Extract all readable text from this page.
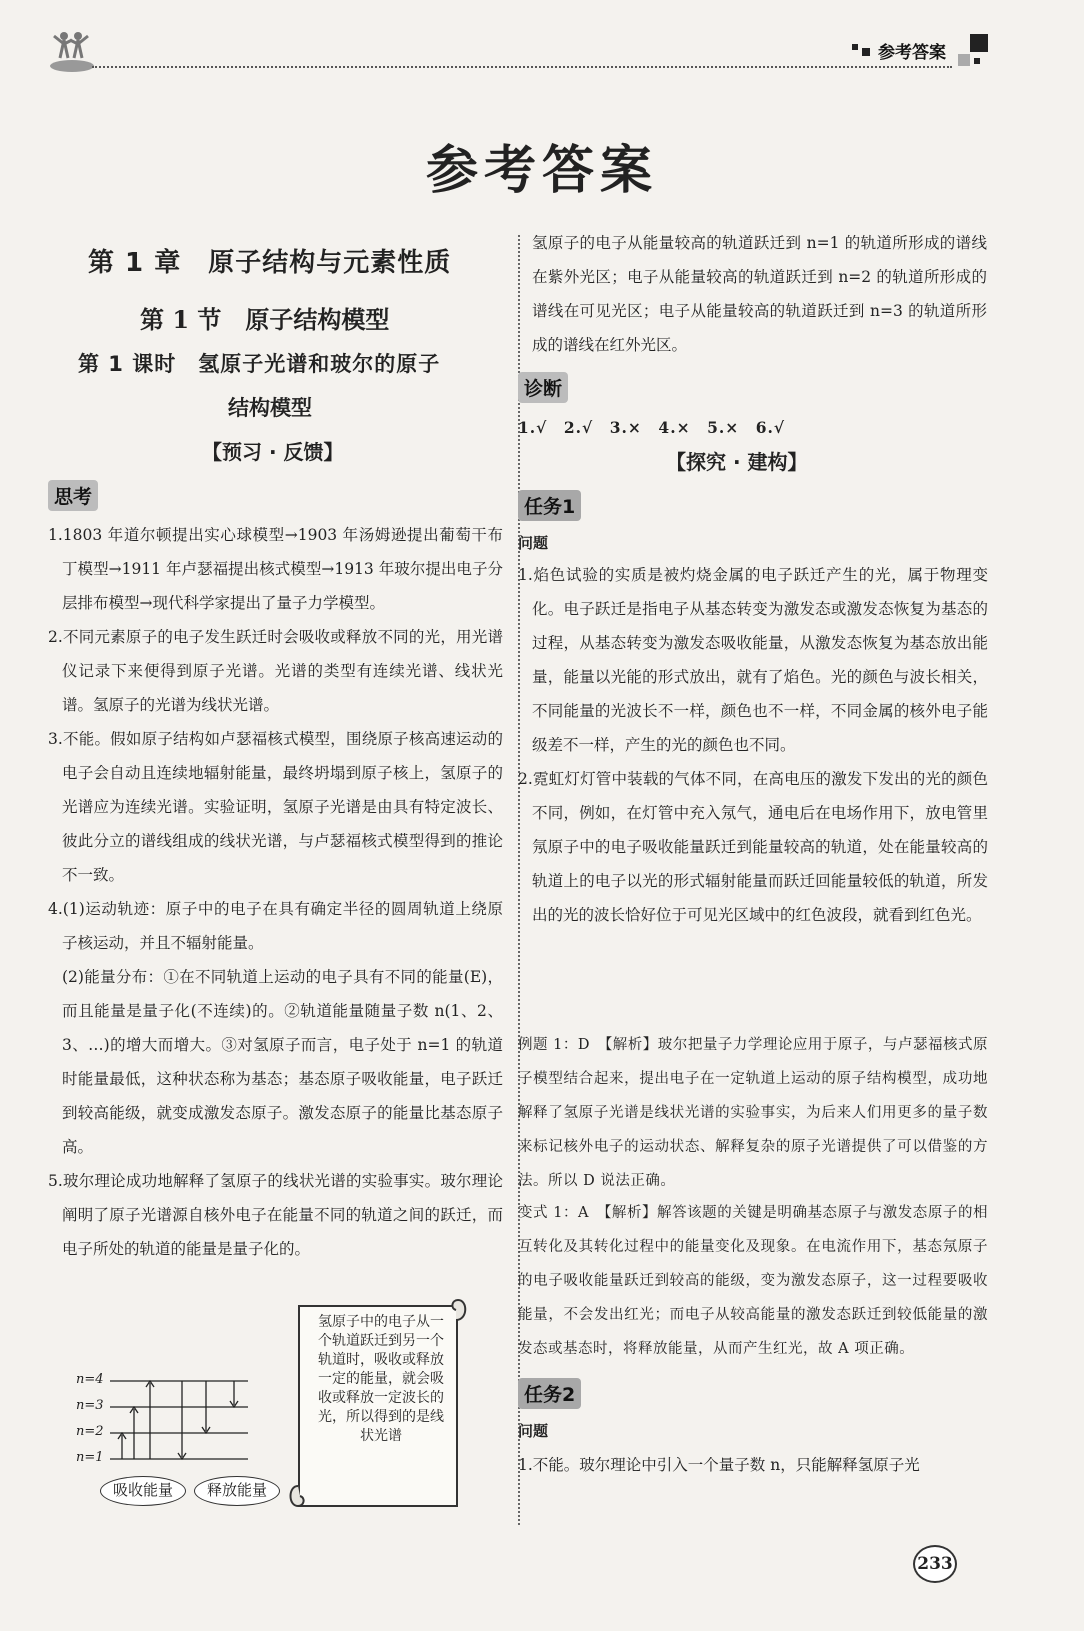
参考答案
参考答案
第 1 章　原子结构与元素性质
第 1 节　原子结构模型
第 1 课时　氢原子光谱和玻尔的原子
结构模型
【预习 · 反馈】
思考

1.1803 年道尔顿提出实心球模型→1903 年汤姆逊提出葡萄干布丁模型→1911 年卢瑟福提出核式模型→1913 年玻尔提出电子分层排布模型→现代科学家提出了量子力学模型。

2.不同元素原子的电子发生跃迁时会吸收或释放不同的光，用光谱仪记录下来便得到原子光谱。光谱的类型有连续光谱、线状光谱。氢原子的光谱为线状光谱。

3.不能。假如原子结构如卢瑟福核式模型，围绕原子核高速运动的电子会自动且连续地辐射能量，最终坍塌到原子核上，氢原子的光谱应为连续光谱。实验证明，氢原子光谱是由具有特定波长、彼此分立的谱线组成的线状光谱，与卢瑟福核式模型得到的推论不一致。

4.(1)运动轨迹：原子中的电子在具有确定半径的圆周轨道上绕原子核运动，并且不辐射能量。

(2)能量分布：①在不同轨道上运动的电子具有不同的能量(E)，而且能量是量子化(不连续)的。②轨道能量随量子数 n(1、2、3、…)的增大而增大。③对氢原子而言，电子处于 n=1 的轨道时能量最低，这种状态称为基态；基态原子吸收能量，电子跃迁到较高能级，就变成激发态原子。激发态原子的能量比基态原子高。

5.玻尔理论成功地解释了氢原子的线状光谱的实验事实。玻尔理论阐明了原子光谱源自核外电子在能量不同的轨道之间的跃迁，而电子所处的轨道的能量是量子化的。

n=4
n=3
n=2
n=1
吸收能量	释放能量
氢原子中的电子从一个轨道跃迁到另一个轨道时，吸收或释放一定的能量，就会吸收或释放一定波长的光，所以得到的是线状光谱
氢原子的电子从能量较高的轨道跃迁到 n=1 的轨道所形成的谱线在紫外光区；电子从能量较高的轨道跃迁到 n=2 的轨道所形成的谱线在可见光区；电子从能量较高的轨道跃迁到 n=3 的轨道所形成的谱线在红外光区。
诊断
1.√　2.√　3.×　4.×　5.×　6.√
【探究 · 建构】
任务1
问题

1.焰色试验的实质是被灼烧金属的电子跃迁产生的光，属于物理变化。电子跃迁是指电子从基态转变为激发态或激发态恢复为基态的过程，从基态转变为激发态吸收能量，从激发态恢复为基态放出能量，能量以光能的形式放出，就有了焰色。光的颜色与波长相关，不同能量的光波长不一样，颜色也不一样，不同金属的核外电子能级差不一样，产生的光的颜色也不同。

2.霓虹灯灯管中装载的气体不同，在高电压的激发下发出的光的颜色不同，例如，在灯管中充入氖气，通电后在电场作用下，放电管里氖原子中的电子吸收能量跃迁到能量较高的轨道，处在能量较高的轨道上的电子以光的形式辐射能量而跃迁回能量较低的轨道，所发出的光的波长恰好位于可见光区域中的红色波段，就看到红色光。

例题 1：D　【解析】玻尔把量子力学理论应用于原子，与卢瑟福核式原子模型结合起来，提出电子在一定轨道上运动的原子结构模型，成功地解释了氢原子光谱是线状光谱的实验事实，为后来人们用更多的量子数来标记核外电子的运动状态、解释复杂的原子光谱提供了可以借鉴的方法。所以 D 说法正确。
变式 1：A　【解析】解答该题的关键是明确基态原子与激发态原子的相互转化及其转化过程中的能量变化及现象。在电流作用下，基态氖原子的电子吸收能量跃迁到较高的能级，变为激发态原子，这一过程要吸收能量，不会发出红光；而电子从较高能量的激发态跃迁到较低能量的激发态或基态时，将释放能量，从而产生红光，故 A 项正确。
任务2
问题
1.不能。玻尔理论中引入一个量子数 n，只能解释氢原子光
233
